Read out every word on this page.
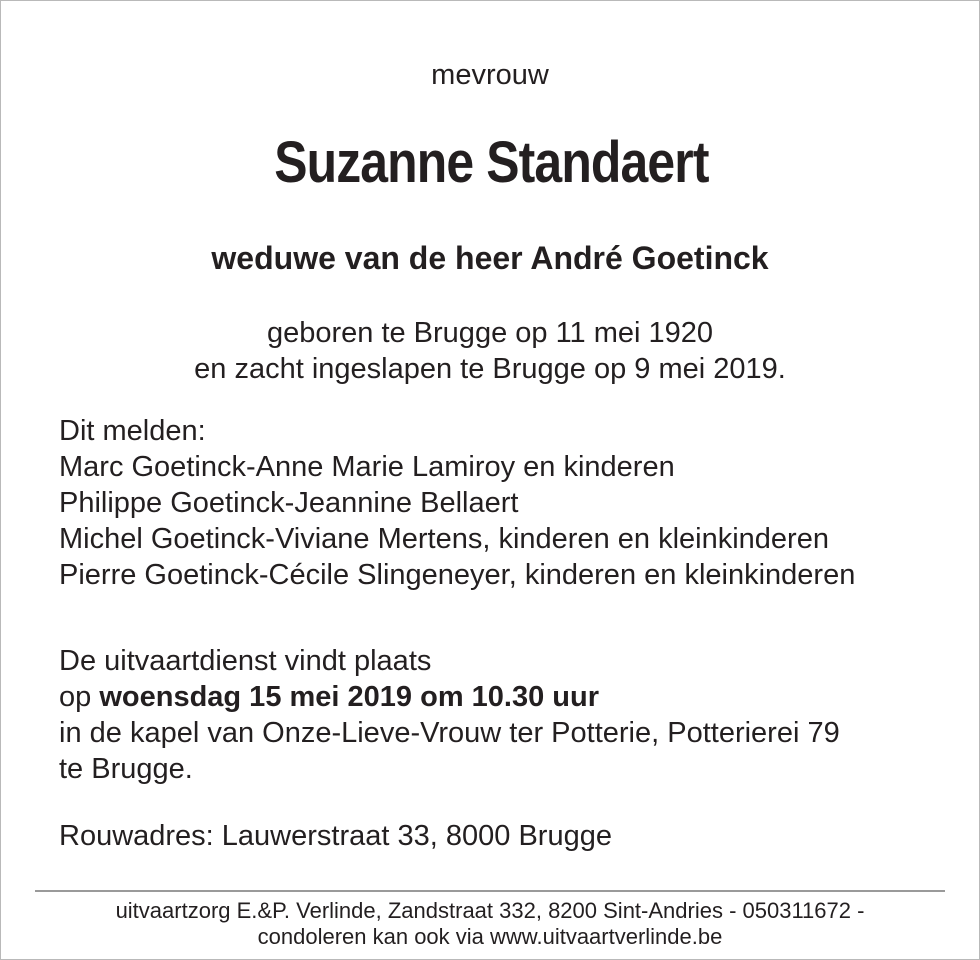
mevrouw
Suzanne Standaert
weduwe van de heer André Goetinck
geboren te Brugge op 11 mei 1920
en zacht ingeslapen te Brugge op 9 mei 2019.
Dit melden:
Marc Goetinck-Anne Marie Lamiroy en kinderen
Philippe Goetinck-Jeannine Bellaert
Michel Goetinck-Viviane Mertens, kinderen en kleinkinderen
Pierre Goetinck-Cécile Slingeneyer, kinderen en kleinkinderen
De uitvaartdienst vindt plaats
op woensdag 15 mei 2019 om 10.30 uur
in de kapel van Onze-Lieve-Vrouw ter Potterie, Potterierei 79
te Brugge.
Rouwadres: Lauwerstraat 33, 8000 Brugge
uitvaartzorg E.&P. Verlinde, Zandstraat 332, 8200 Sint-Andries - 050311672 -
condoleren kan ook via www.uitvaartverlinde.be
